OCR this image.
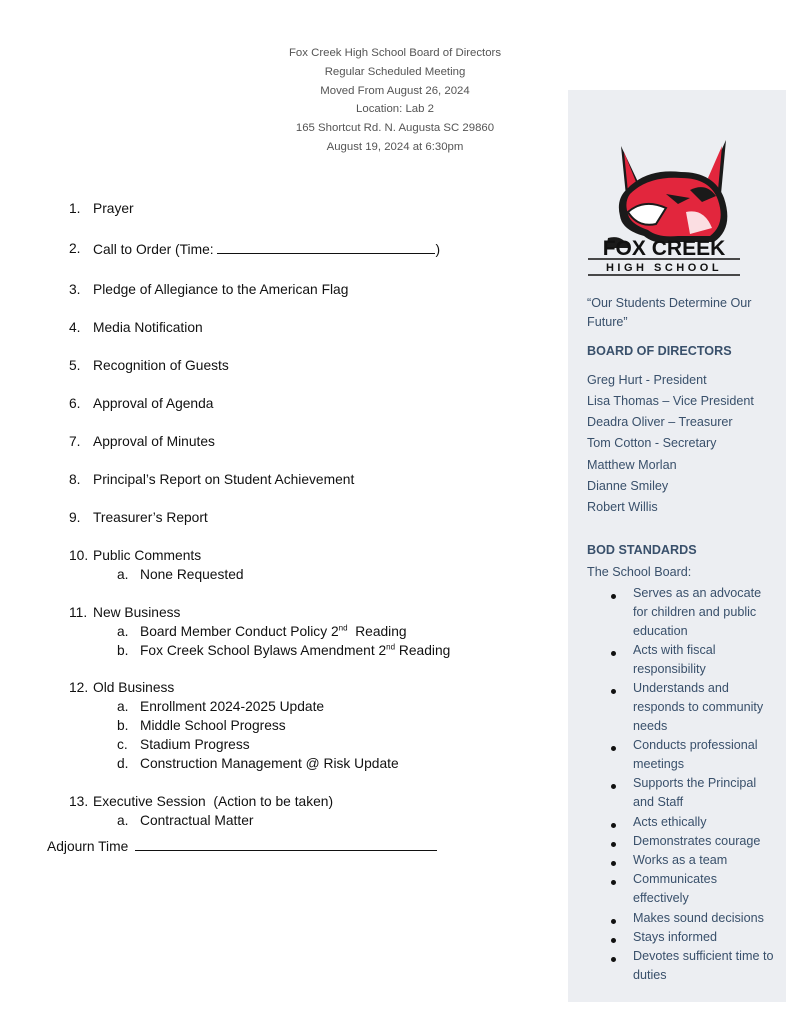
Fox Creek High School Board of Directors
Regular Scheduled Meeting
Moved From August 26, 2024
Location: Lab 2
165 Shortcut Rd. N. Augusta SC 29860
August 19, 2024 at 6:30pm
1. Prayer
2. Call to Order (Time:	)
3. Pledge of Allegiance to the American Flag
4. Media Notification
5. Recognition of Guests
6. Approval of Agenda
7. Approval of Minutes
8. Principal’s Report on Student Achievement
9. Treasurer’s Report
10. Public Comments
a. None Requested
11. New Business
a. Board Member Conduct Policy 2nd  Reading
b. Fox Creek School Bylaws Amendment 2nd Reading
12. Old Business
a. Enrollment 2024-2025 Update
b. Middle School Progress
c. Stadium Progress
d. Construction Management @ Risk Update
13. Executive Session  (Action to be taken)
a. Contractual Matter
Adjourn Time
FOX CREEK
HIGH SCHOOL
“Our Students Determine Our Future”
BOARD OF DIRECTORS
Greg Hurt - President
Lisa Thomas – Vice President
Deadra Oliver – Treasurer
Tom Cotton - Secretary
Matthew Morlan
Dianne Smiley
Robert Willis
BOD STANDARDS
The School Board:
Serves as an advocate for children and public education
Acts with fiscal responsibility
Understands and responds to community needs
Conducts professional meetings
Supports the Principal and Staff
Acts ethically
Demonstrates courage
Works as a team
Communicates effectively
Makes sound decisions
Stays informed
Devotes sufficient time to duties
